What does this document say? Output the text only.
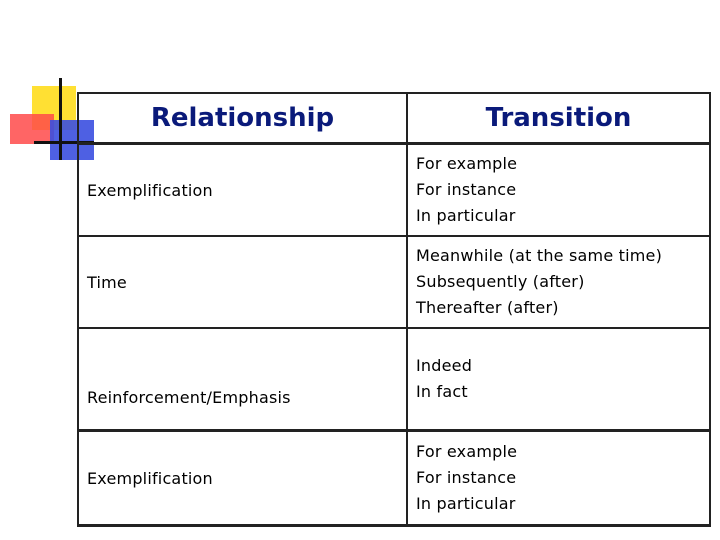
Relationship	Transition
Exemplification	For example
For instance
In particular

Time	Meanwhile (at the same time)
Subsequently (after)
Thereafter (after)

Reinforcement/Emphasis	Indeed
In fact

Exemplification	For example
For instance
In particular
